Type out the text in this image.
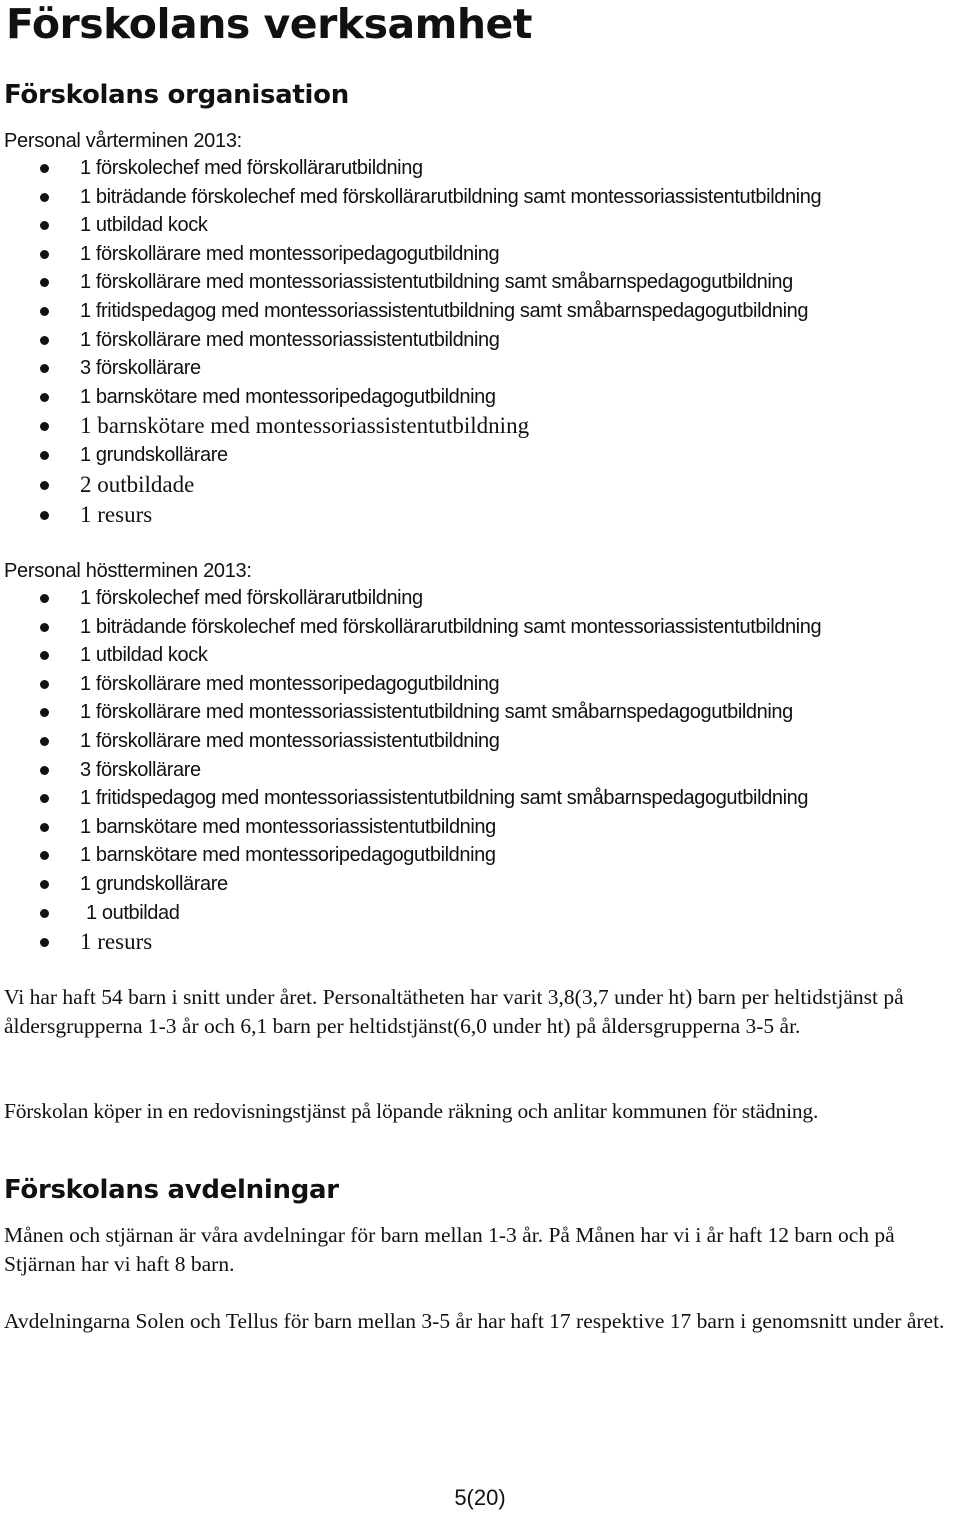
Förskolans verksamhet
Förskolans organisation
Personal vårterminen 2013:
1 förskolechef med förskollärarutbildning
1 biträdande förskolechef med förskollärarutbildning samt montessoriassistentutbildning
1 utbildad kock
1 förskollärare med montessoripedagogutbildning
1 förskollärare med montessoriassistentutbildning samt småbarnspedagogutbildning
1 fritidspedagog med montessoriassistentutbildning samt småbarnspedagogutbildning
1 förskollärare med montessoriassistentutbildning
3 förskollärare
1 barnskötare med montessoripedagogutbildning
1 barnskötare med montessoriassistentutbildning
1 grundskollärare
2 outbildade
1 resurs
Personal höstterminen 2013:
1 förskolechef med förskollärarutbildning
1 biträdande förskolechef med förskollärarutbildning samt montessoriassistentutbildning
1 utbildad kock
1 förskollärare med montessoripedagogutbildning
1 förskollärare med montessoriassistentutbildning samt småbarnspedagogutbildning
1 förskollärare med montessoriassistentutbildning
3 förskollärare
1 fritidspedagog med montessoriassistentutbildning samt småbarnspedagogutbildning
1 barnskötare med montessoriassistentutbildning
1 barnskötare med montessoripedagogutbildning
1 grundskollärare
1 outbildad
1 resurs

Vi har haft 54 barn i snitt under året. Personaltätheten har varit 3,8(3,7 under ht) barn per heltidstjänst på åldersgrupperna 1-3 år och 6,1 barn per heltidstjänst(6,0 under ht) på åldersgrupperna 3-5 år.

Förskolan köper in en redovisningstjänst på löpande räkning och anlitar kommunen för städning.

Förskolans avdelningar

Månen och stjärnan är våra avdelningar för barn mellan 1-3 år. På Månen har vi i år haft 12 barn och på Stjärnan har vi haft 8 barn.

Avdelningarna Solen och Tellus för barn mellan 3-5 år har haft 17 respektive 17 barn i genomsnitt under året.

5(20)
